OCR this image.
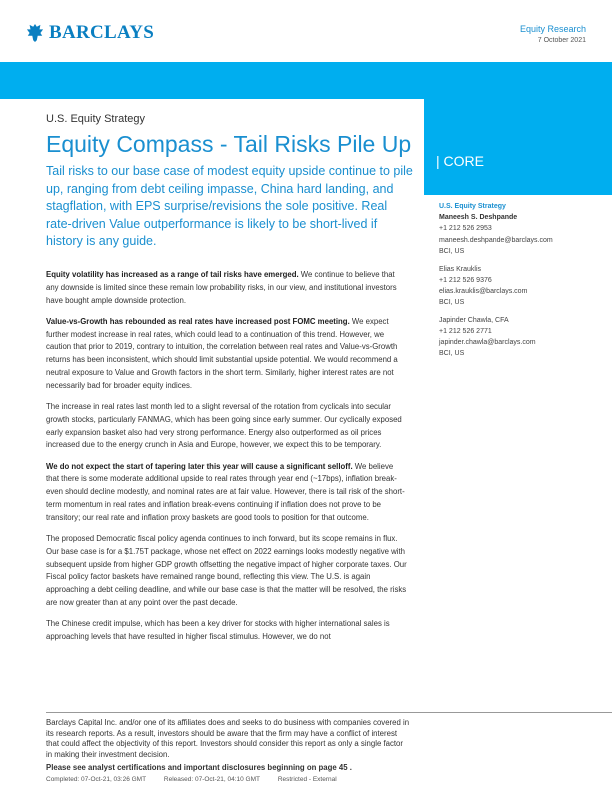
BARCLAYS	Equity Research
7 October 2021
| CORE
U.S. Equity Strategy
Equity Compass - Tail Risks Pile Up
Tail risks to our base case of modest equity upside continue to pile up, ranging from debt ceiling impasse, China hard landing, and stagflation, with EPS surprise/revisions the sole positive. Real rate-driven Value outperformance is likely to be short-lived if history is any guide.

Equity volatility has increased as a range of tail risks have emerged. We continue to believe that any downside is limited since these remain low probability risks, in our view, and institutional investors have bought ample downside protection.

Value-vs-Growth has rebounded as real rates have increased post FOMC meeting. We expect further modest increase in real rates, which could lead to a continuation of this trend. However, we caution that prior to 2019, contrary to intuition, the correlation between real rates and Value-vs-Growth returns has been inconsistent, which should limit substantial upside potential. We would recommend a neutral exposure to Value and Growth factors in the short term. Similarly, higher interest rates are not necessarily bad for broader equity indices.

The increase in real rates last month led to a slight reversal of the rotation from cyclicals into secular growth stocks, particularly FANMAG, which has been going since early summer. Our cyclically exposed early expansion basket also had very strong performance. Energy also outperformed as oil prices increased due to the energy crunch in Asia and Europe, however, we expect this to be temporary.

We do not expect the start of tapering later this year will cause a significant selloff. We believe that there is some moderate additional upside to real rates through year end (~17bps), inflation break-even should decline modestly, and nominal rates are at fair value. However, there is tail risk of the short-term momentum in real rates and inflation break-evens continuing if inflation does not prove to be transitory; our real rate and inflation proxy baskets are good tools to position for that outcome.

The proposed Democratic fiscal policy agenda continues to inch forward, but its scope remains in flux. Our base case is for a $1.75T package, whose net effect on 2022 earnings looks modestly negative with subsequent upside from higher GDP growth offsetting the negative impact of higher corporate taxes. Our Fiscal policy factor baskets have remained range bound, reflecting this view. The U.S. is again approaching a debt ceiling deadline, and while our base case is that the matter will be resolved, the risks are now greater than at any point over the past decade.

The Chinese credit impulse, which has been a key driver for stocks with higher international sales is approaching levels that have resulted in higher fiscal stimulus. However, we do not

U.S. Equity Strategy
Maneesh S. Deshpande
+1 212 526 2953
maneesh.deshpande@barclays.com
BCI, US
Elias Krauklis
+1 212 526 9376
elias.krauklis@barclays.com
BCI, US
Japinder Chawla, CFA
+1 212 526 2771
japinder.chawla@barclays.com
BCI, US

Barclays Capital Inc. and/or one of its affiliates does and seeks to do business with companies covered in its research reports. As a result, investors should be aware that the firm may have a conflict of interest that could affect the objectivity of this report. Investors should consider this report as only a single factor in making their investment decision.

Please see analyst certifications and important disclosures beginning on page 45 .

Completed: 07-Oct-21, 03:26 GMT	Released: 07-Oct-21, 04:10 GMT	Restricted - External
